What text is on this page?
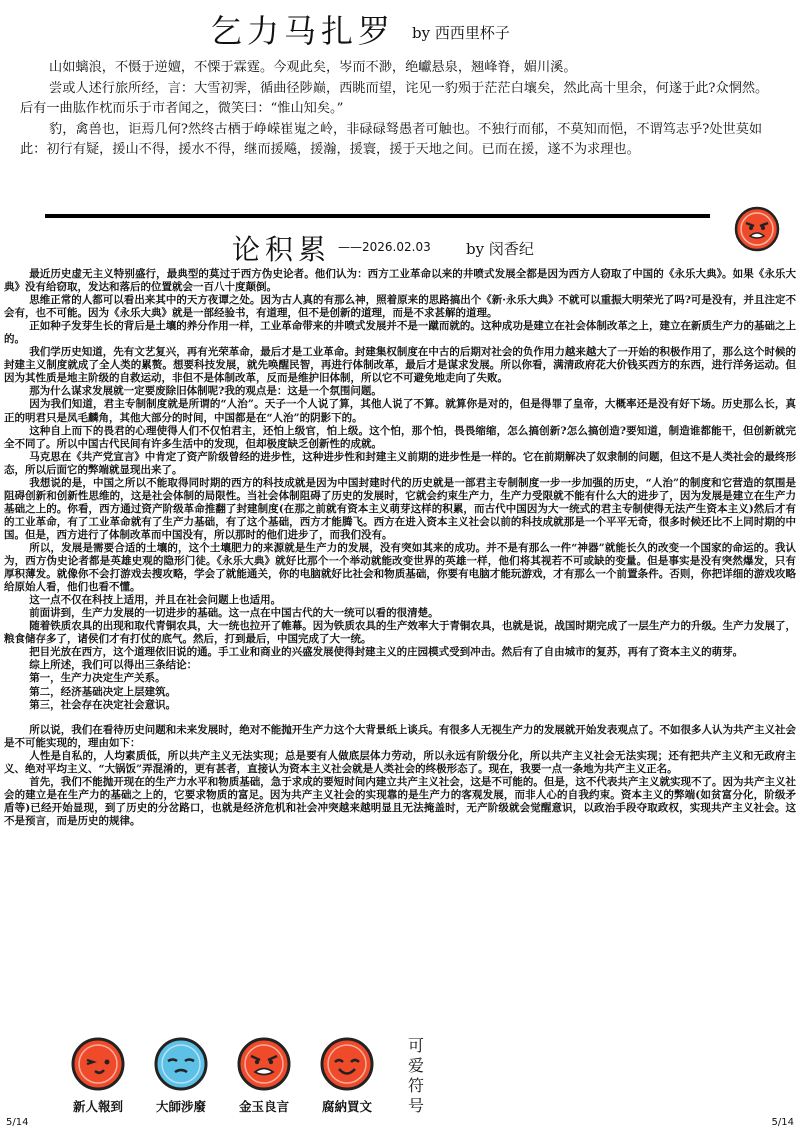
乞力马扎罗 by 西西里杯子

山如螭浪，不慑于逆嬗，不慄于霖霆。今观此矣，岑而不渺，绝巘悬泉，翘峰脊，媚川溪。

尝或人述行旅所经，言：大雪初霁，循曲径陟巅，西眺而望，诧见一豹殒于茫茫白壤矣，然此高十里余，何遂于此?众惘然。后有一曲肱作枕而乐于市者闻之，微笑曰：“惟山知矣。”

豹，禽兽也，讵焉几何?然终古栖于峥嵘崔嵬之岭，非碌碌驽愚者可触也。不独行而郁，不莫知而悒，不谓笃志乎?处世莫如此：初行有疑，援山不得，援水不得，继而援飚，援瀚，援寰，援于天地之间。已而在援，遂不为求理也。

论积累 ——2026.02.03 by 闵香纪

最近历史虚无主义特别盛行，最典型的莫过于西方伪史论者。他们认为：西方工业革命以来的井喷式发展全都是因为西方人窃取了中国的《永乐大典》。如果《永乐大典》没有给窃取，发达和落后的位置就会一百八十度颠倒。

思维正常的人都可以看出来其中的天方夜谭之处。因为古人真的有那么神，照着原来的思路搞出个《新·永乐大典》不就可以重振大明荣光了吗?可是没有，并且注定不会有，也不可能。因为《永乐大典》就是一部经验书，有道理，但不是创新的道理，而是不求甚解的道理。

正如种子发芽生长的背后是土壤的养分作用一样，工业革命带来的井喷式发展并不是一蹴而就的。这种成功是建立在社会体制改革之上，建立在新质生产力的基础之上的。

我们学历史知道，先有文艺复兴，再有光荣革命，最后才是工业革命。封建集权制度在中古的后期对社会的负作用力越来越大了一开始的积极作用了，那么这个时候的封建主义制度就成了全人类的累赘。想要科技发展，就先唤醒民智，再进行体制改革，最后才是谋求发展。所以你看，满清政府花大价钱买西方的东西，进行洋务运动。但因为其性质是地主阶级的自救运动，非但不是体制改革，反而是维护旧体制，所以它不可避免地走向了失败。

那为什么谋求发展就一定要废除旧体制呢?我的观点是：这是一个氛围问题。

因为我们知道，君主专制制度就是所谓的“人治”。天子一个人说了算，其他人说了不算。就算你是对的，但是得罪了皇帝，大概率还是没有好下场。历史那么长，真正的明君只是凤毛麟角，其他大部分的时间，中国都是在“人治”的阴影下的。

这种自上而下的畏君的心理使得人们不仅怕君主，还怕上级官，怕上级。这个怕，那个怕，畏畏缩缩，怎么搞创新?怎么搞创造?要知道，制造谁都能干，但创新就完全不同了。所以中国古代民间有许多生活中的发现，但却极度缺乏创新性的成就。

马克思在《共产党宣言》中肯定了资产阶级曾经的进步性，这种进步性和封建主义前期的进步性是一样的。它在前期解决了奴隶制的问题，但这不是人类社会的最终形态，所以后面它的弊端就显现出来了。

我想说的是，中国之所以不能取得同时期的西方的科技成就是因为中国封建时代的历史就是一部君主专制制度一步一步加强的历史，“人治”的制度和它营造的氛围是阻碍创新和创新性思维的，这是社会体制的局限性。当社会体制阻碍了历史的发展时，它就会约束生产力，生产力受限就不能有什么大的进步了，因为发展是建立在生产力基础之上的。你看，西方通过资产阶级革命推翻了封建制度(在那之前就有资本主义萌芽这样的积累，而古代中国因为大一统式的君主专制使得无法产生资本主义)然后才有的工业革命，有了工业革命就有了生产力基础，有了这个基础，西方才能腾飞。西方在进入资本主义社会以前的科技成就那是一个平平无奇，很多时候还比不上同时期的中国。但是，西方进行了体制改革而中国没有，所以那时的他们进步了，而我们没有。

所以，发展是需要合适的土壤的，这个土壤肥力的来源就是生产力的发展，没有突如其来的成功。并不是有那么一件“神器”就能长久的改变一个国家的命运的。我认为，西方伪史论者都是英雄史观的隐形门徒。《永乐大典》就好比那个一个举动就能改变世界的英雄一样，他们将其视若不可或缺的变量。但是事实是没有突然爆发，只有厚积薄发。就像你不会打游戏去搜攻略，学会了就能通关，你的电脑就好比社会和物质基础，你要有电脑才能玩游戏，才有那么一个前置条件。否则，你把详细的游戏攻略给原始人看，他们也看不懂。

这一点不仅在科技上适用，并且在社会问题上也适用。

前面讲到，生产力发展的一切进步的基础。这一点在中国古代的大一统可以看的很清楚。

随着铁质农具的出现和取代青铜农具，大一统也拉开了帷幕。因为铁质农具的生产效率大于青铜农具，也就是说，战国时期完成了一层生产力的升级。生产力发展了，粮食储存多了，诸侯们才有打仗的底气。然后，打到最后，中国完成了大一统。

把目光放在西方，这个道理依旧说的通。手工业和商业的兴盛发展使得封建主义的庄园模式受到冲击。然后有了自由城市的复苏，再有了资本主义的萌芽。

综上所述，我们可以得出三条结论：

第一，生产力决定生产关系。

第二，经济基础决定上层建筑。

第三，社会存在决定社会意识。

所以说，我们在看待历史问题和未来发展时，绝对不能抛开生产力这个大背景纸上谈兵。有很多人无视生产力的发展就开始发表观点了。不如很多人认为共产主义社会是不可能实现的，理由如下：

人性是自私的，人均素质低，所以共产主义无法实现；总是要有人做底层体力劳动，所以永远有阶级分化，所以共产主义社会无法实现；还有把共产主义和无政府主义、绝对平均主义、“大锅饭”弄混淆的，更有甚者，直接认为资本主义社会就是人类社会的终极形态了。现在，我要一点一条地为共产主义正名。

首先，我们不能抛开现在的生产力水平和物质基础，急于求成的要短时间内建立共产主义社会，这是不可能的。但是，这不代表共产主义就实现不了。因为共产主义社会的建立是在生产力的基础之上的，它要求物质的富足。因为共产主义社会的实现靠的是生产力的客观发展，而非人心的自我约束。资本主义的弊端(如贫富分化，阶级矛盾等)已经开始显现，到了历史的分岔路口，也就是经济危机和社会冲突越来越明显且无法掩盖时，无产阶级就会觉醒意识，以政治手段夺取政权，实现共产主义社会。这不是预言，而是历史的规律。

新人報到	大師涉廢	金玉良言	腐納買文
可爱符号
5/14	5/14
